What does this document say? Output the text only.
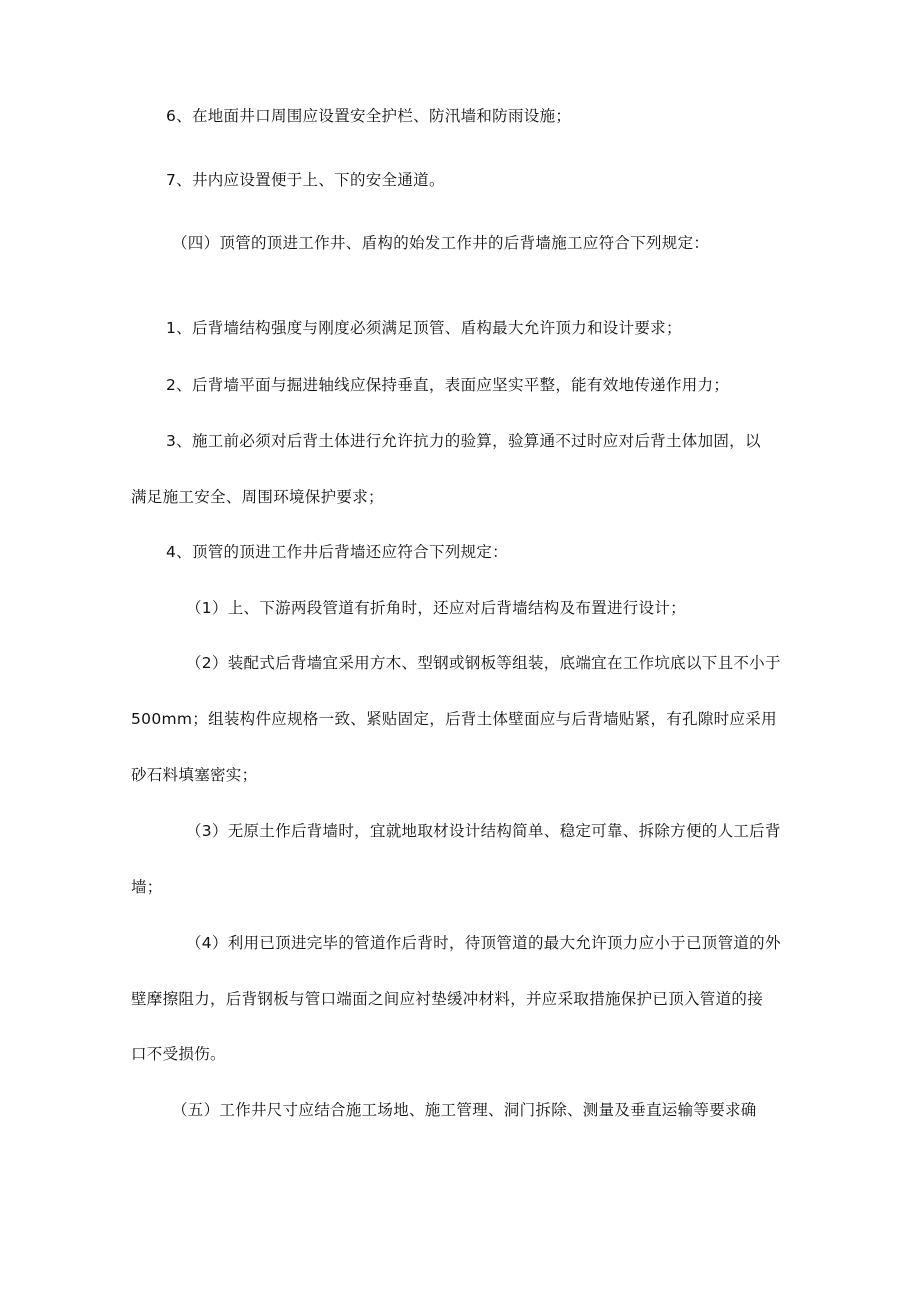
6、在地面井口周围应设置安全护栏、防汛墙和防雨设施；
7、井内应设置便于上、下的安全通道。
（四）顶管的顶进工作井、盾构的始发工作井的后背墙施工应符合下列规定：
1、后背墙结构强度与刚度必须满足顶管、盾构最大允许顶力和设计要求；
2、后背墙平面与掘进轴线应保持垂直，表面应坚实平整，能有效地传递作用力；
3、施工前必须对后背土体进行允许抗力的验算，验算通不过时应对后背土体加固，以
满足施工安全、周围环境保护要求；
4、顶管的顶进工作井后背墙还应符合下列规定：
（1）上、下游两段管道有折角时，还应对后背墙结构及布置进行设计；
（2）装配式后背墙宜采用方木、型钢或钢板等组装，底端宜在工作坑底以下且不小于
500mm；组装构件应规格一致、紧贴固定，后背土体壁面应与后背墙贴紧，有孔隙时应采用
砂石料填塞密实；
（3）无原土作后背墙时，宜就地取材设计结构简单、稳定可靠、拆除方便的人工后背
墙；
（4）利用已顶进完毕的管道作后背时，待顶管道的最大允许顶力应小于已顶管道的外
壁摩擦阻力，后背钢板与管口端面之间应衬垫缓冲材料，并应采取措施保护已顶入管道的接
口不受损伤。
（五）工作井尺寸应结合施工场地、施工管理、洞门拆除、测量及垂直运输等要求确
